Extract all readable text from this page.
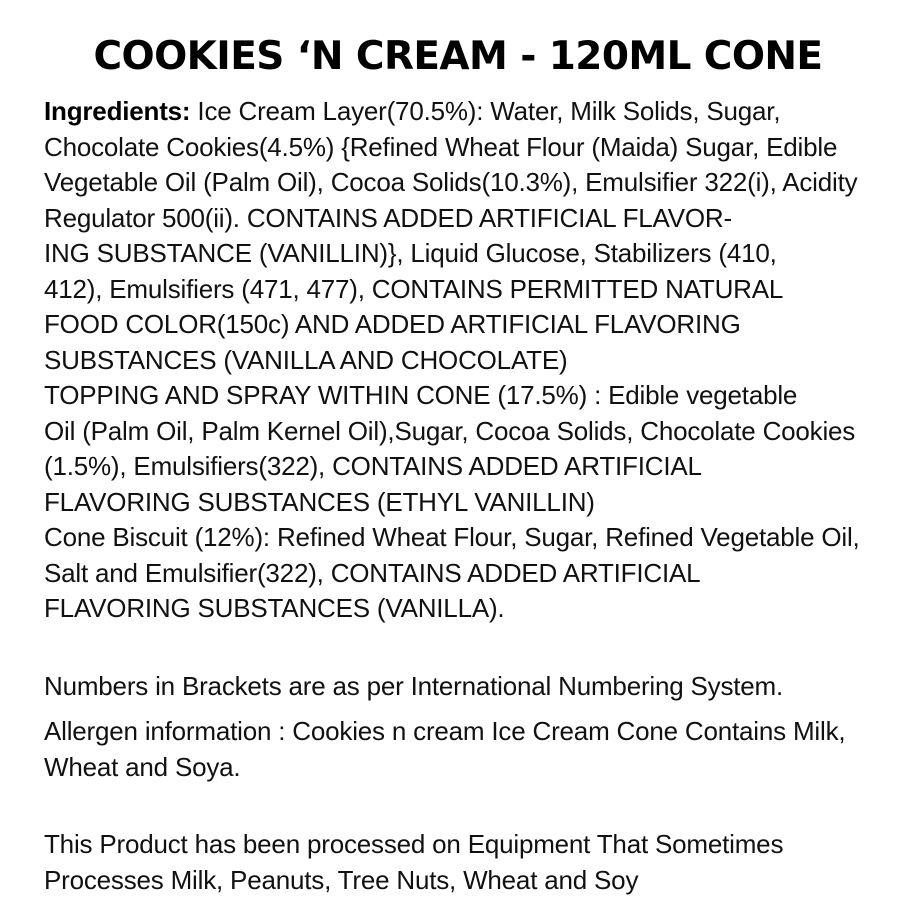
COOKIES ‘N CREAM - 120ML CONE

Ingredients: Ice Cream Layer(70.5%): Water, Milk Solids, Sugar,

Chocolate Cookies(4.5%) {Refined Wheat Flour (Maida) Sugar, Edible

Vegetable Oil (Palm Oil), Cocoa Solids(10.3%), Emulsifier 322(i), Acidity

Regulator 500(ii). CONTAINS ADDED ARTIFICIAL FLAVOR-

ING SUBSTANCE (VANILLIN)}, Liquid Glucose, Stabilizers (410,

412), Emulsifiers (471, 477), CONTAINS PERMITTED NATURAL

FOOD COLOR(150c) AND ADDED ARTIFICIAL FLAVORING

SUBSTANCES (VANILLA AND CHOCOLATE)

TOPPING AND SPRAY WITHIN CONE (17.5%) : Edible vegetable

Oil (Palm Oil, Palm Kernel Oil),Sugar, Cocoa Solids, Chocolate Cookies

(1.5%), Emulsifiers(322), CONTAINS ADDED ARTIFICIAL

FLAVORING SUBSTANCES (ETHYL VANILLIN)

Cone Biscuit (12%): Refined Wheat Flour, Sugar, Refined Vegetable Oil,

Salt and Emulsifier(322), CONTAINS ADDED ARTIFICIAL

FLAVORING SUBSTANCES (VANILLA).

Numbers in Brackets are as per International Numbering System.

Allergen information : Cookies n cream Ice Cream Cone Contains Milk,

Wheat and Soya.

This Product has been processed on Equipment That Sometimes

Processes Milk, Peanuts, Tree Nuts, Wheat and Soy
